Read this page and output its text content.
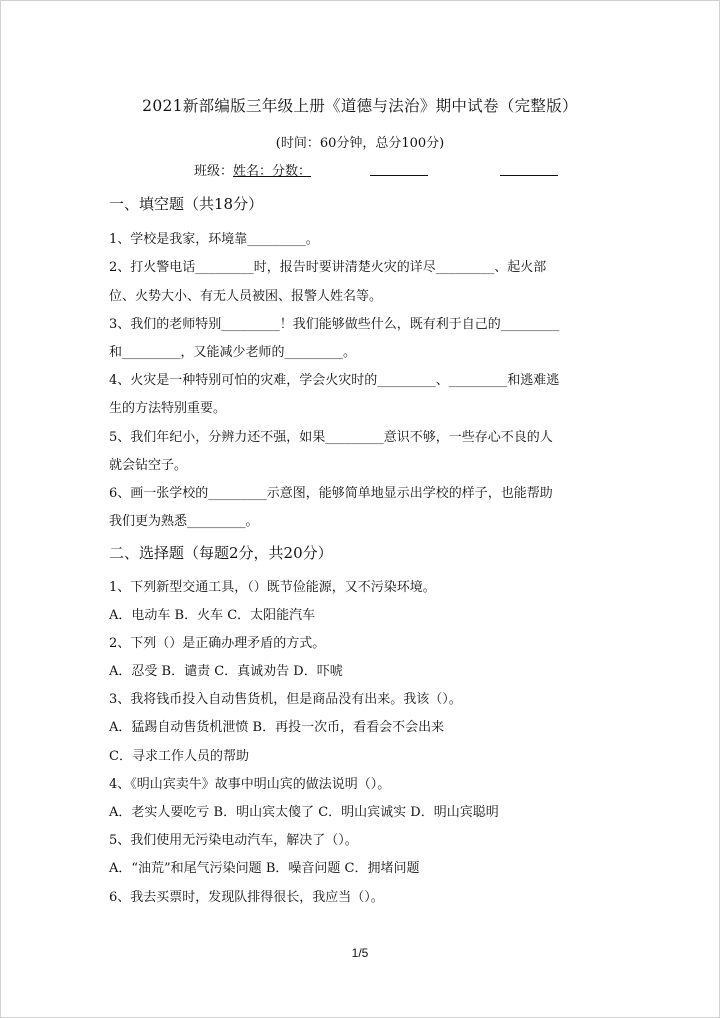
2021新部编版三年级上册《道德与法治》期中试卷（完整版）
(时间：60分钟，总分100分)
班级：姓名：分数：
一、填空题（共18分）
1、学校是我家，环境靠_________。
2、打火警电话_________时，报告时要讲清楚火灾的详尽_________、起火部
位、火势大小、有无人员被困、报警人姓名等。
3、我们的老师特别_________！我们能够做些什么，既有利于自己的_________
和_________，又能减少老师的_________。
4、火灾是一种特别可怕的灾难，学会火灾时的_________、_________和逃难逃
生的方法特别重要。
5、我们年纪小，分辨力还不强，如果_________意识不够，一些存心不良的人
就会钻空子。
6、画一张学校的_________示意图，能够简单地显示出学校的样子，也能帮助
我们更为熟悉_________。
二、选择题（每题2分，共20分）
1、下列新型交通工具，（）既节俭能源，又不污染环境。
A．电动车 B．火车 C．太阳能汽车
2、下列（）是正确办理矛盾的方式。
A．忍受 B．谴责 C．真诚劝告 D．吓唬
3、我将钱币投入自动售货机，但是商品没有出来。我该（）。
A．猛踢自动售货机泄愤 B．再投一次币，看看会不会出来
C．寻求工作人员的帮助
4、《明山宾卖牛》故事中明山宾的做法说明（）。
A．老实人要吃亏 B．明山宾太傻了 C．明山宾诚实 D．明山宾聪明
5、我们使用无污染电动汽车，解决了（）。
A．“油荒”和尾气污染问题 B．噪音问题 C．拥堵问题
6、我去买票时，发现队排得很长，我应当（）。
1/5
